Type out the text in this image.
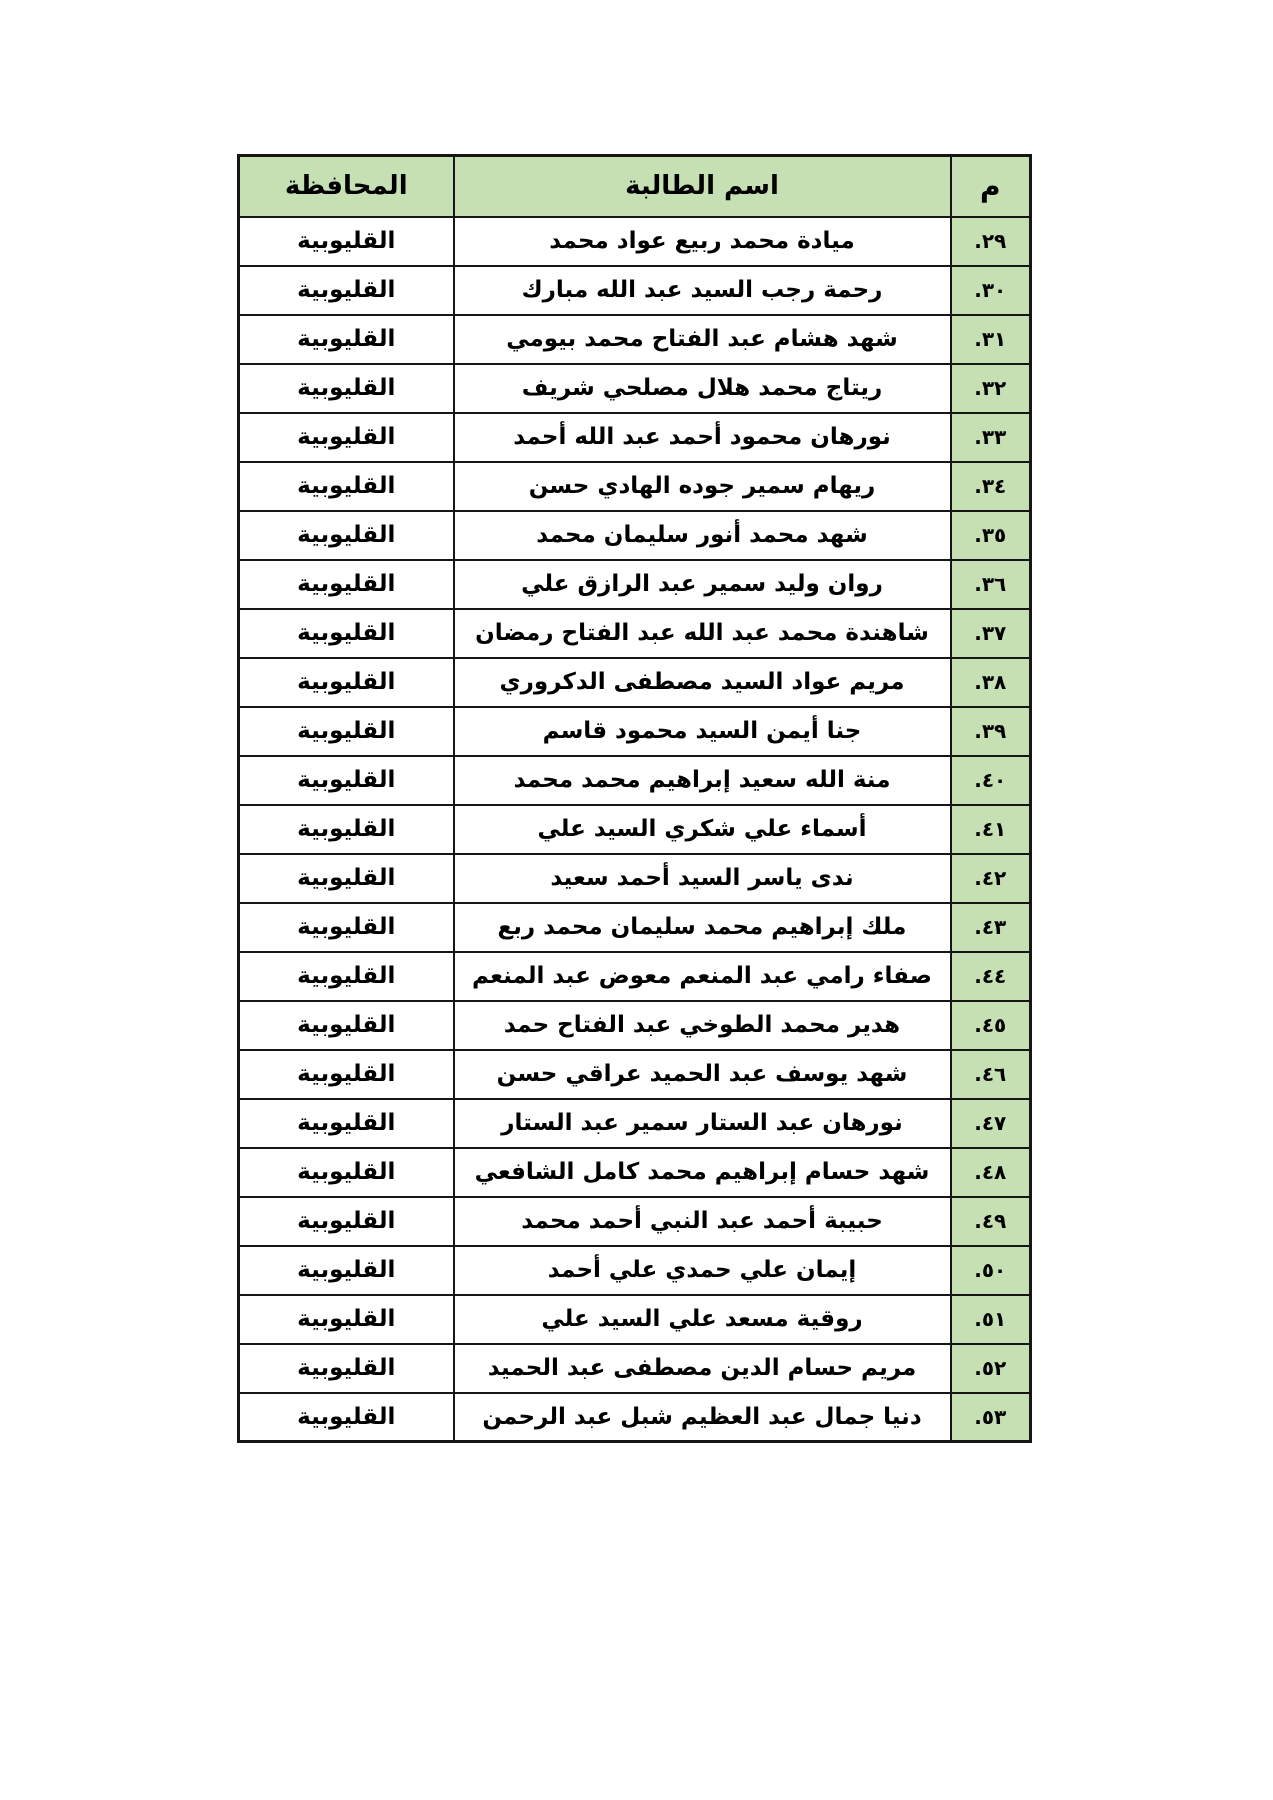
م	اسم الطالبة	المحافظة
٢٩.	ميادة محمد ربيع عواد محمد	القليوبية
٣٠.	رحمة رجب السيد عبد الله مبارك	القليوبية
٣١.	شهد هشام عبد الفتاح محمد بيومي	القليوبية
٣٢.	ريتاج محمد هلال مصلحي شريف	القليوبية
٣٣.	نورهان محمود أحمد عبد الله أحمد	القليوبية
٣٤.	ريهام سمير جوده الهادي حسن	القليوبية
٣٥.	شهد محمد أنور سليمان محمد	القليوبية
٣٦.	روان وليد سمير عبد الرازق علي	القليوبية
٣٧.	شاهندة محمد عبد الله عبد الفتاح رمضان	القليوبية
٣٨.	مريم عواد السيد مصطفى الدكروري	القليوبية
٣٩.	جنا أيمن السيد محمود قاسم	القليوبية
٤٠.	منة الله سعيد إبراهيم محمد محمد	القليوبية
٤١.	أسماء علي شكري السيد علي	القليوبية
٤٢.	ندى ياسر السيد أحمد سعيد	القليوبية
٤٣.	ملك إبراهيم محمد سليمان محمد ربع	القليوبية
٤٤.	صفاء رامي عبد المنعم معوض عبد المنعم	القليوبية
٤٥.	هدير محمد الطوخي عبد الفتاح حمد	القليوبية
٤٦.	شهد يوسف عبد الحميد عراقي حسن	القليوبية
٤٧.	نورهان عبد الستار سمير عبد الستار	القليوبية
٤٨.	شهد حسام إبراهيم محمد كامل الشافعي	القليوبية
٤٩.	حبيبة أحمد عبد النبي أحمد محمد	القليوبية
٥٠.	إيمان علي حمدي علي أحمد	القليوبية
٥١.	روقية مسعد علي السيد علي	القليوبية
٥٢.	مريم حسام الدين مصطفى عبد الحميد	القليوبية
٥٣.	دنيا جمال عبد العظيم شبل عبد الرحمن	القليوبية
